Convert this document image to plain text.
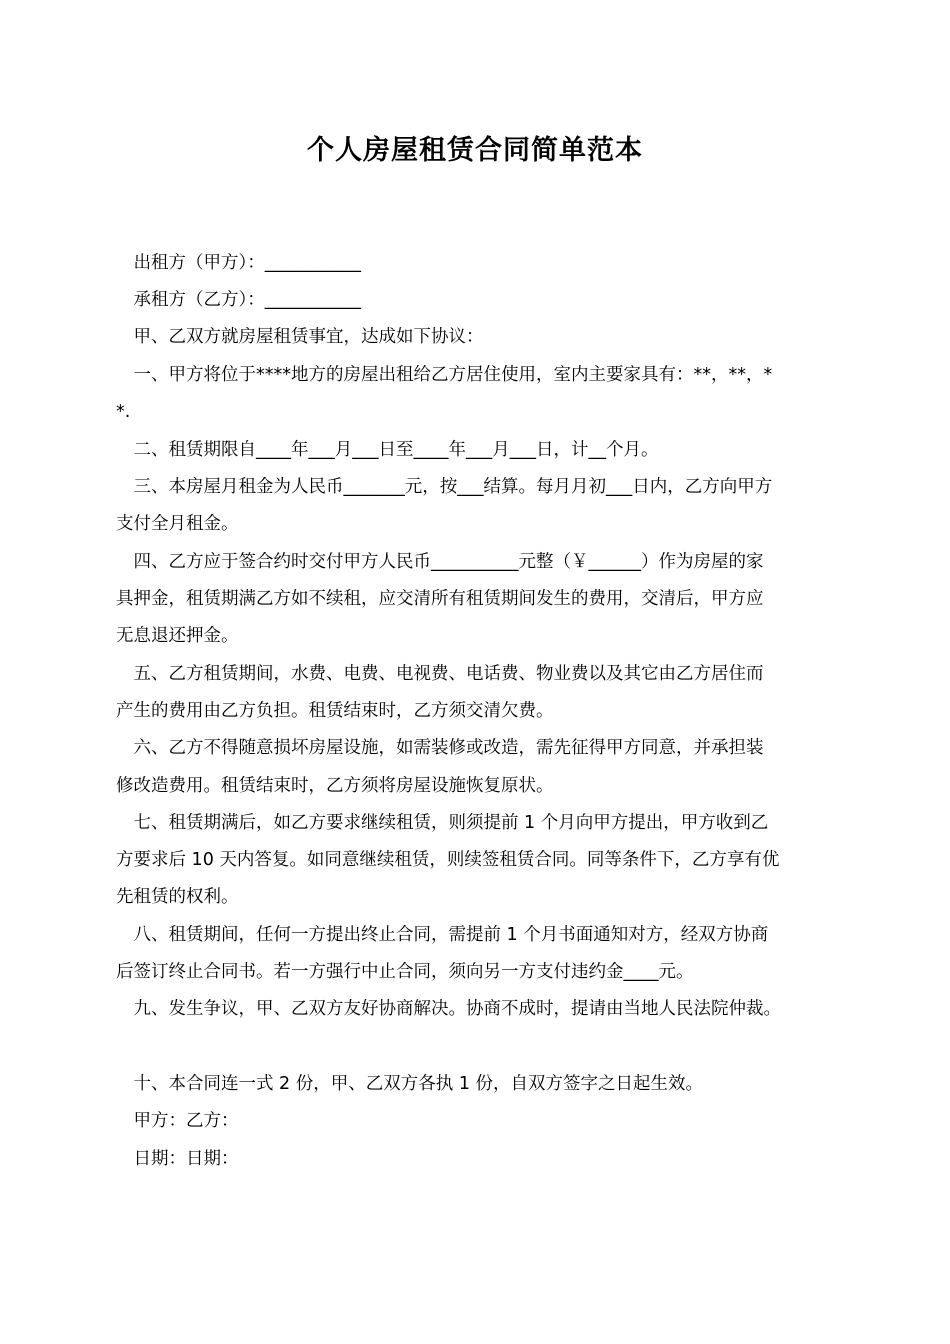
个人房屋租赁合同简单范本
　出租方（甲方）：___________
　承租方（乙方）：___________
　甲、乙双方就房屋租赁事宜，达成如下协议：
　一、甲方将位于****地方的房屋出租给乙方居住使用，室内主要家具有：**，**，*
*.
　二、租赁期限自____年___月___日至____年___月___日，计__个月。
　三、本房屋月租金为人民币_______元，按___结算。每月月初___日内，乙方向甲方
支付全月租金。
　四、乙方应于签合约时交付甲方人民币__________元整（￥______）作为房屋的家
具押金，租赁期满乙方如不续租，应交清所有租赁期间发生的费用，交清后，甲方应
无息退还押金。
　五、乙方租赁期间，水费、电费、电视费、电话费、物业费以及其它由乙方居住而
产生的费用由乙方负担。租赁结束时，乙方须交清欠费。
　六、乙方不得随意损坏房屋设施，如需装修或改造，需先征得甲方同意，并承担装
修改造费用。租赁结束时，乙方须将房屋设施恢复原状。
　七、租赁期满后，如乙方要求继续租赁，则须提前 1 个月向甲方提出，甲方收到乙
方要求后 10 天内答复。如同意继续租赁，则续签租赁合同。同等条件下，乙方享有优
先租赁的权利。
　八、租赁期间，任何一方提出终止合同，需提前 1 个月书面通知对方，经双方协商
后签订终止合同书。若一方强行中止合同，须向另一方支付违约金____元。
　九、发生争议，甲、乙双方友好协商解决。协商不成时，提请由当地人民法院仲裁。
　十、本合同连一式 2 份，甲、乙双方各执 1 份，自双方签字之日起生效。
　甲方：乙方：
　日期：日期：
